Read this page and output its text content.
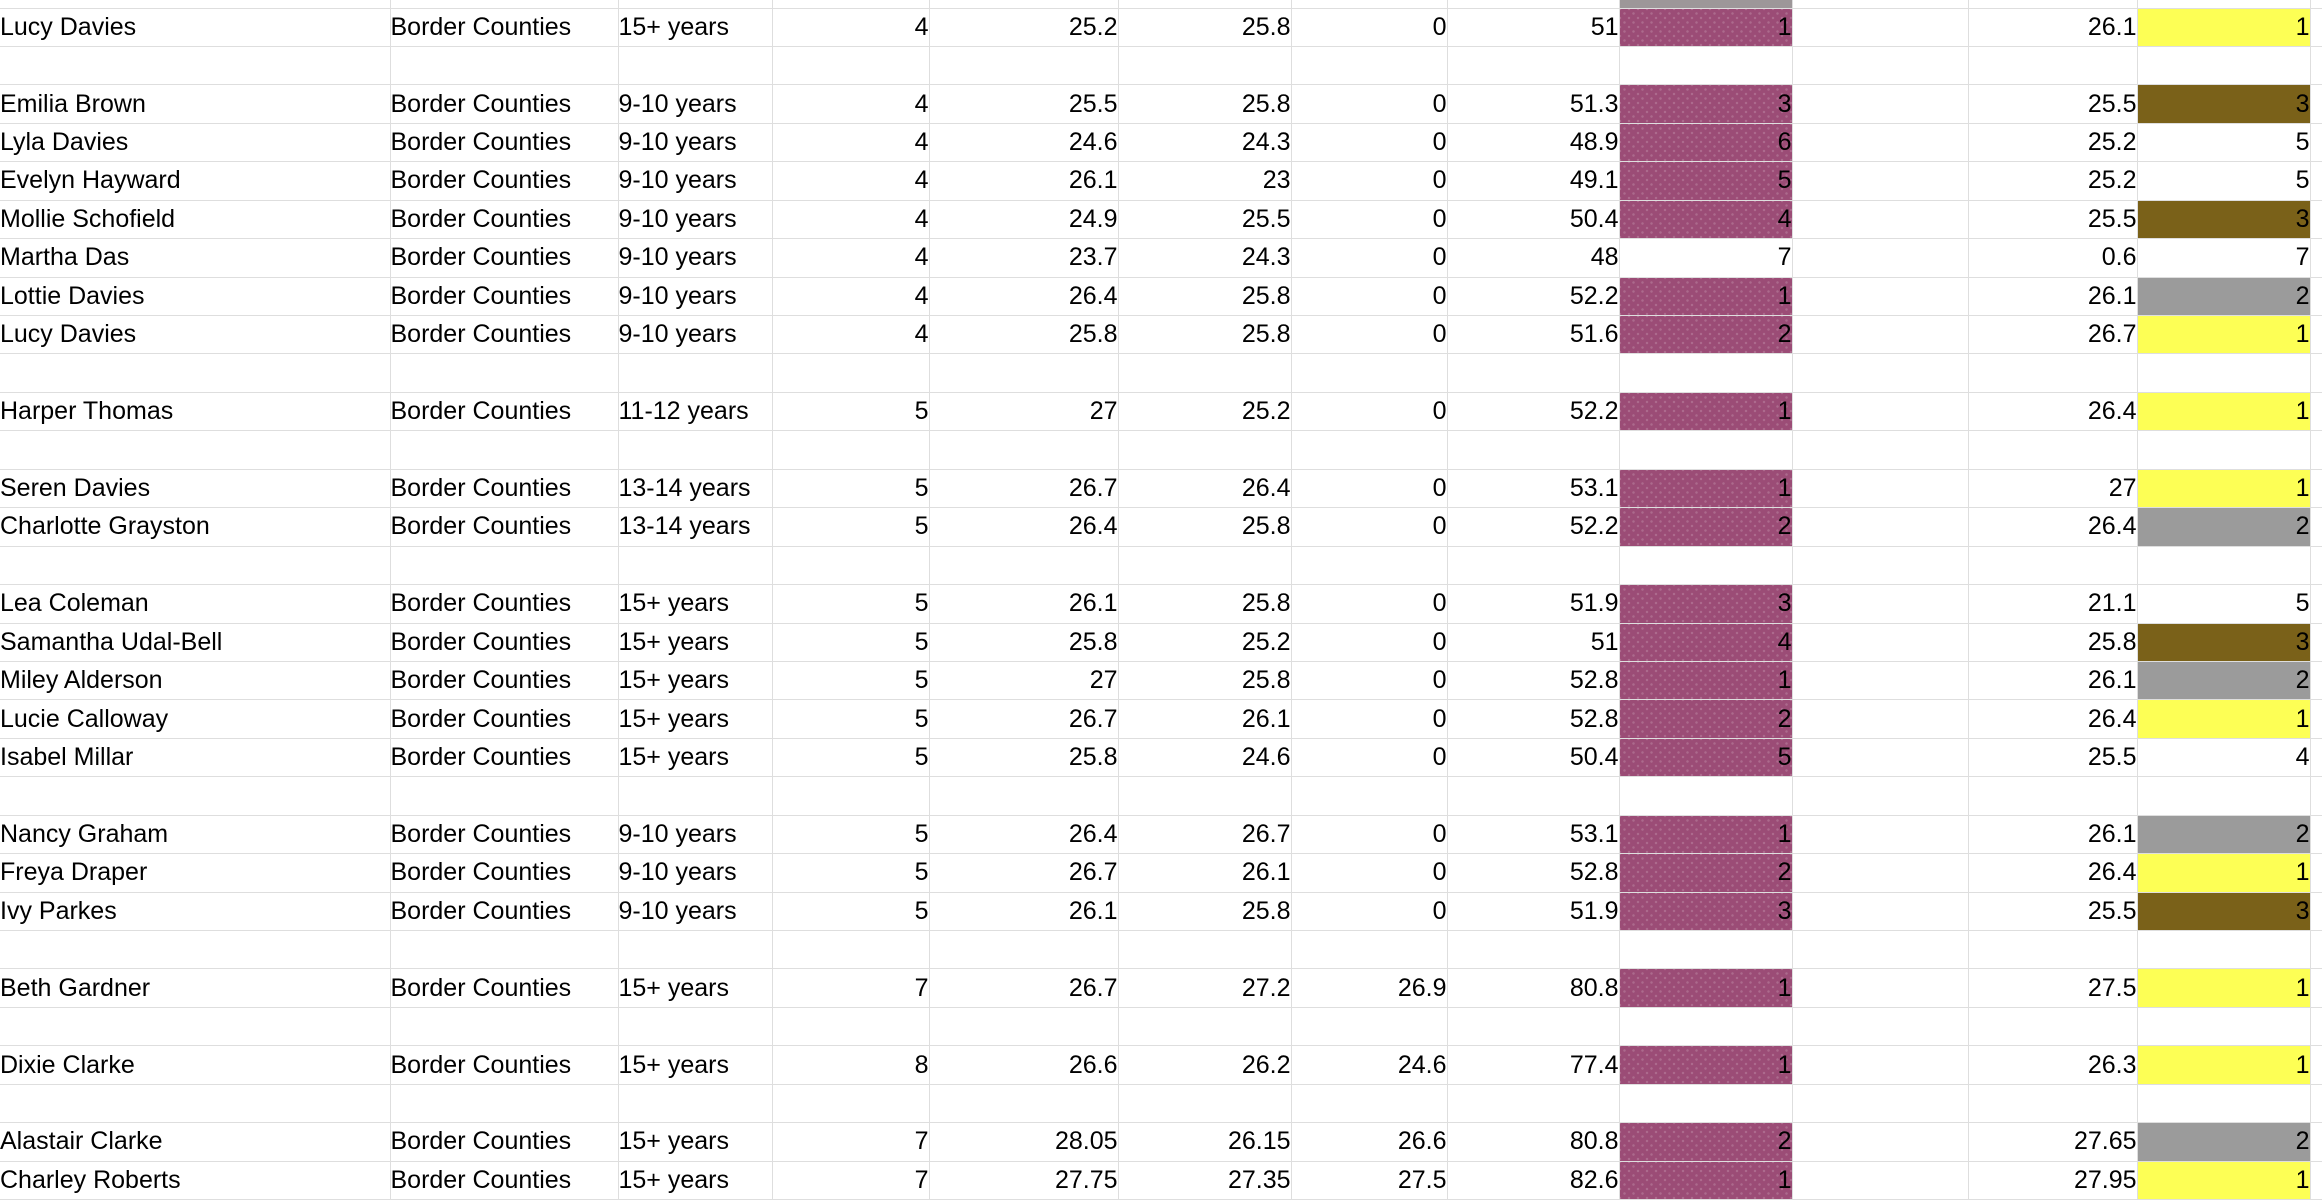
Lucy Davies	Border Counties	15+ years	4	25.2	25.8	0	51	1		26.1	1	

Emilia Brown	Border Counties	9-10 years	4	25.5	25.8	0	51.3	3		25.5	3	
Lyla Davies	Border Counties	9-10 years	4	24.6	24.3	0	48.9	6		25.2	5	
Evelyn Hayward	Border Counties	9-10 years	4	26.1	23	0	49.1	5		25.2	5	
Mollie Schofield	Border Counties	9-10 years	4	24.9	25.5	0	50.4	4		25.5	3	
Martha Das	Border Counties	9-10 years	4	23.7	24.3	0	48	7		0.6	7	
Lottie Davies	Border Counties	9-10 years	4	26.4	25.8	0	52.2	1		26.1	2	
Lucy Davies	Border Counties	9-10 years	4	25.8	25.8	0	51.6	2		26.7	1	

Harper Thomas	Border Counties	11-12 years	5	27	25.2	0	52.2	1		26.4	1	

Seren Davies	Border Counties	13-14 years	5	26.7	26.4	0	53.1	1		27	1	
Charlotte Grayston	Border Counties	13-14 years	5	26.4	25.8	0	52.2	2		26.4	2	

Lea Coleman	Border Counties	15+ years	5	26.1	25.8	0	51.9	3		21.1	5	
Samantha Udal-Bell	Border Counties	15+ years	5	25.8	25.2	0	51	4		25.8	3	
Miley Alderson	Border Counties	15+ years	5	27	25.8	0	52.8	1		26.1	2	
Lucie Calloway	Border Counties	15+ years	5	26.7	26.1	0	52.8	2		26.4	1	
Isabel Millar	Border Counties	15+ years	5	25.8	24.6	0	50.4	5		25.5	4	

Nancy Graham	Border Counties	9-10 years	5	26.4	26.7	0	53.1	1		26.1	2	
Freya Draper	Border Counties	9-10 years	5	26.7	26.1	0	52.8	2		26.4	1	
Ivy Parkes	Border Counties	9-10 years	5	26.1	25.8	0	51.9	3		25.5	3	

Beth Gardner	Border Counties	15+ years	7	26.7	27.2	26.9	80.8	1		27.5	1	

Dixie Clarke	Border Counties	15+ years	8	26.6	26.2	24.6	77.4	1		26.3	1	

Alastair Clarke	Border Counties	15+ years	7	28.05	26.15	26.6	80.8	2		27.65	2	
Charley Roberts	Border Counties	15+ years	7	27.75	27.35	27.5	82.6	1		27.95	1	
